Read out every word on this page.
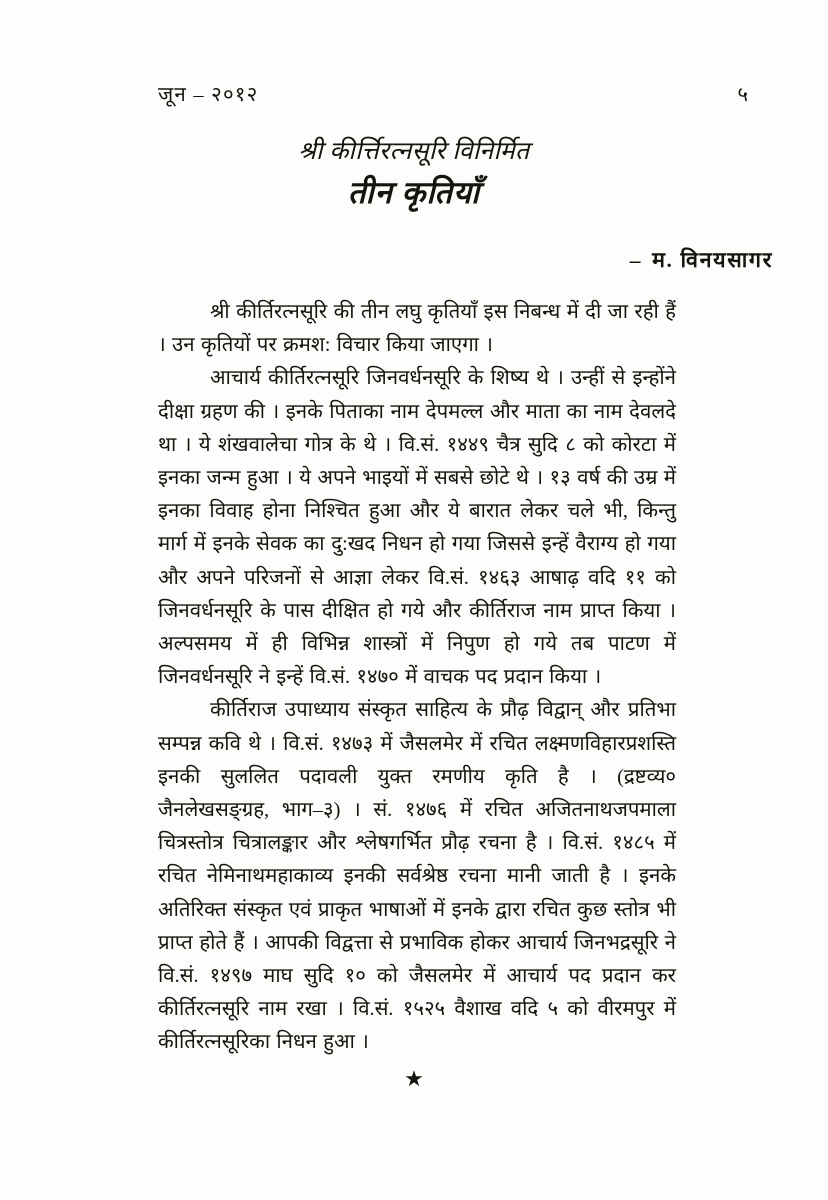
जून – २०१२	५
श्री कीर्त्तिरत्नसूरि विनिर्मित
तीन कृतियाँ
– म. विनयसागर

श्री कीर्तिरत्नसूरि की तीन लघु कृतियाँ इस निबन्ध में दी जा रही हैं । उन कृतियों पर क्रमश: विचार किया जाएगा ।

आचार्य कीर्तिरत्नसूरि जिनवर्धनसूरि के शिष्य थे । उन्हीं से इन्होंने दीक्षा ग्रहण की । इनके पिताका नाम देपमल्ल और माता का नाम देवलदे था । ये शंखवालेचा गोत्र के थे । वि.सं. १४४९ चैत्र सुदि ८ को कोरटा में इनका जन्म हुआ । ये अपने भाइयों में सबसे छोटे थे । १३ वर्ष की उम्र में इनका विवाह होना निश्चित हुआ और ये बारात लेकर चले भी, किन्तु मार्ग में इनके सेवक का दु:खद निधन हो गया जिससे इन्हें वैराग्य हो गया और अपने परिजनों से आज्ञा लेकर वि.सं. १४६३ आषाढ़ वदि ११ को जिनवर्धनसूरि के पास दीक्षित हो गये और कीर्तिराज नाम प्राप्त किया । अल्पसमय में ही विभिन्न शास्त्रों में निपुण हो गये तब पाटण में जिनवर्धनसूरि ने इन्हें वि.सं. १४७० में वाचक पद प्रदान किया ।

कीर्तिराज उपाध्याय संस्कृत साहित्य के प्रौढ़ विद्वान् और प्रतिभा सम्पन्न कवि थे । वि.सं. १४७३ में जैसलमेर में रचित लक्ष्मणविहारप्रशस्ति इनकी सुललित पदावली युक्त रमणीय कृति है । (द्रष्टव्य० जैनलेखसङ्ग्रह, भाग–३) । सं. १४७६ में रचित अजितनाथजपमाला चित्रस्तोत्र चित्रालङ्कार और श्लेषगर्भित प्रौढ़ रचना है । वि.सं. १४८५ में रचित नेमिनाथमहाकाव्य इनकी सर्वश्रेष्ठ रचना मानी जाती है । इनके अतिरिक्त संस्कृत एवं प्राकृत भाषाओं में इनके द्वारा रचित कुछ स्तोत्र भी प्राप्त होते हैं । आपकी विद्वत्ता से प्रभाविक होकर आचार्य जिनभद्रसूरि ने वि.सं. १४९७ माघ सुदि १० को जैसलमेर में आचार्य पद प्रदान कर कीर्तिरत्नसूरि नाम रखा । वि.सं. १५२५ वैशाख वदि ५ को वीरमपुर में कीर्तिरत्नसूरिका निधन हुआ ।

★
